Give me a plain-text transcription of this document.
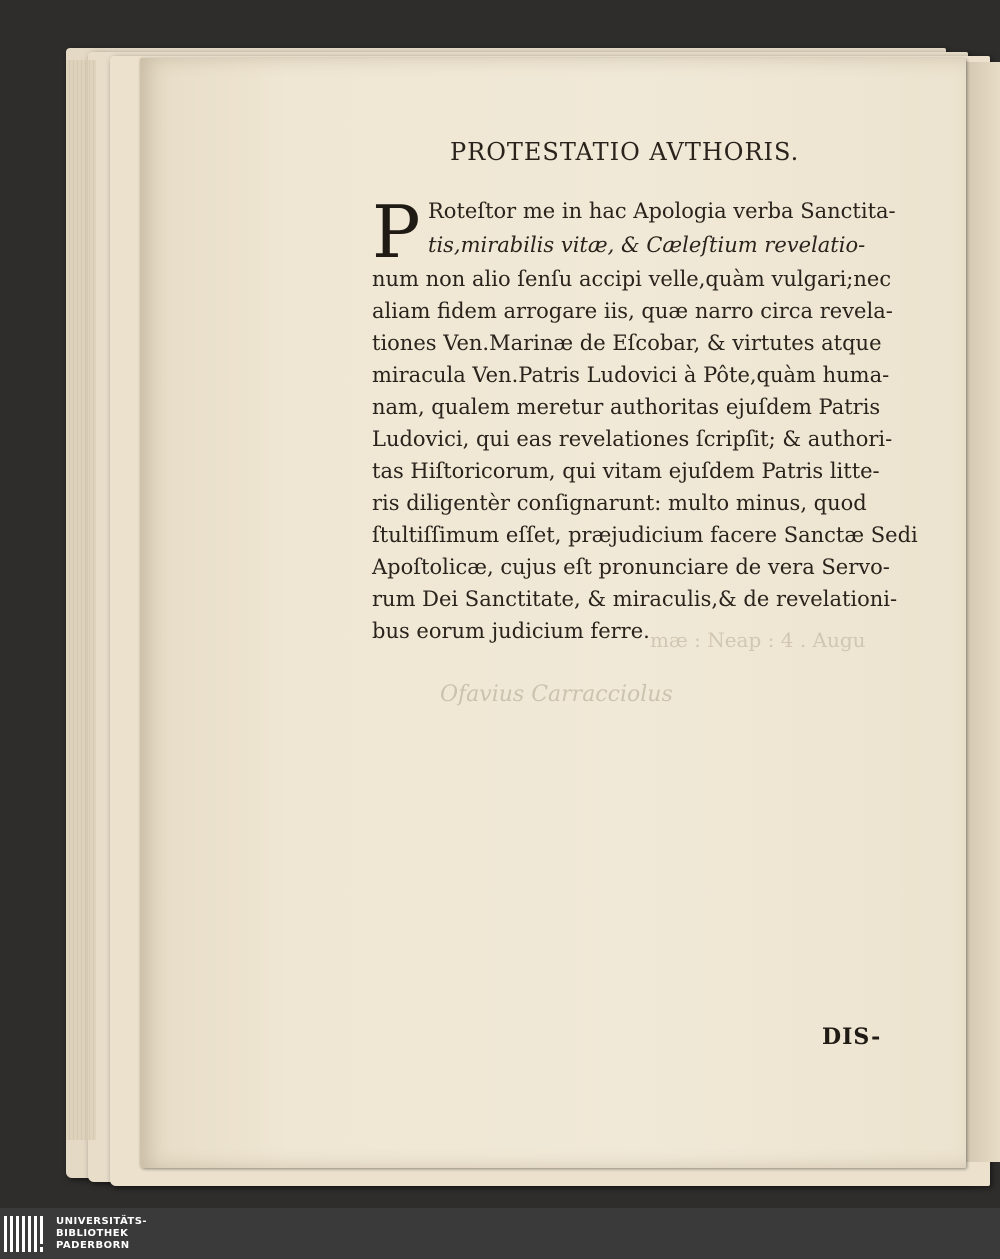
mæ : Neap : 4 . Augu
Ofavius Carracciolus
PROTESTATIO AVTHORIS.
P Roteſtor me in hac Apologia verba Sanctita-
tis,mirabilis vitæ, & Cæleſtium revelatio-
num non alio ſenſu accipi velle,quàm vulgari;nec
aliam fidem arrogare iis, quæ narro circa revela-
tiones Ven.Marinæ de Eſcobar, & virtutes atque
miracula Ven.Patris Ludovici à Pôte,quàm huma-
nam, qualem meretur authoritas ejuſdem Patris
Ludovici, qui eas revelationes ſcripſit; & authori-
tas Hiſtoricorum, qui vitam ejuſdem Patris litte-
ris diligentèr conſignarunt: multo minus, quod
ſtultiſſimum eſſet, præjudicium facere Sanctæ Sedi
Apoſtolicæ, cujus eſt pronunciare de vera Servo-
rum Dei Sanctitate, & miraculis,& de revelationi-
bus eorum judicium ferre.
DIS-
UNIVERSITÄTS-
BIBLIOTHEK
PADERBORN
